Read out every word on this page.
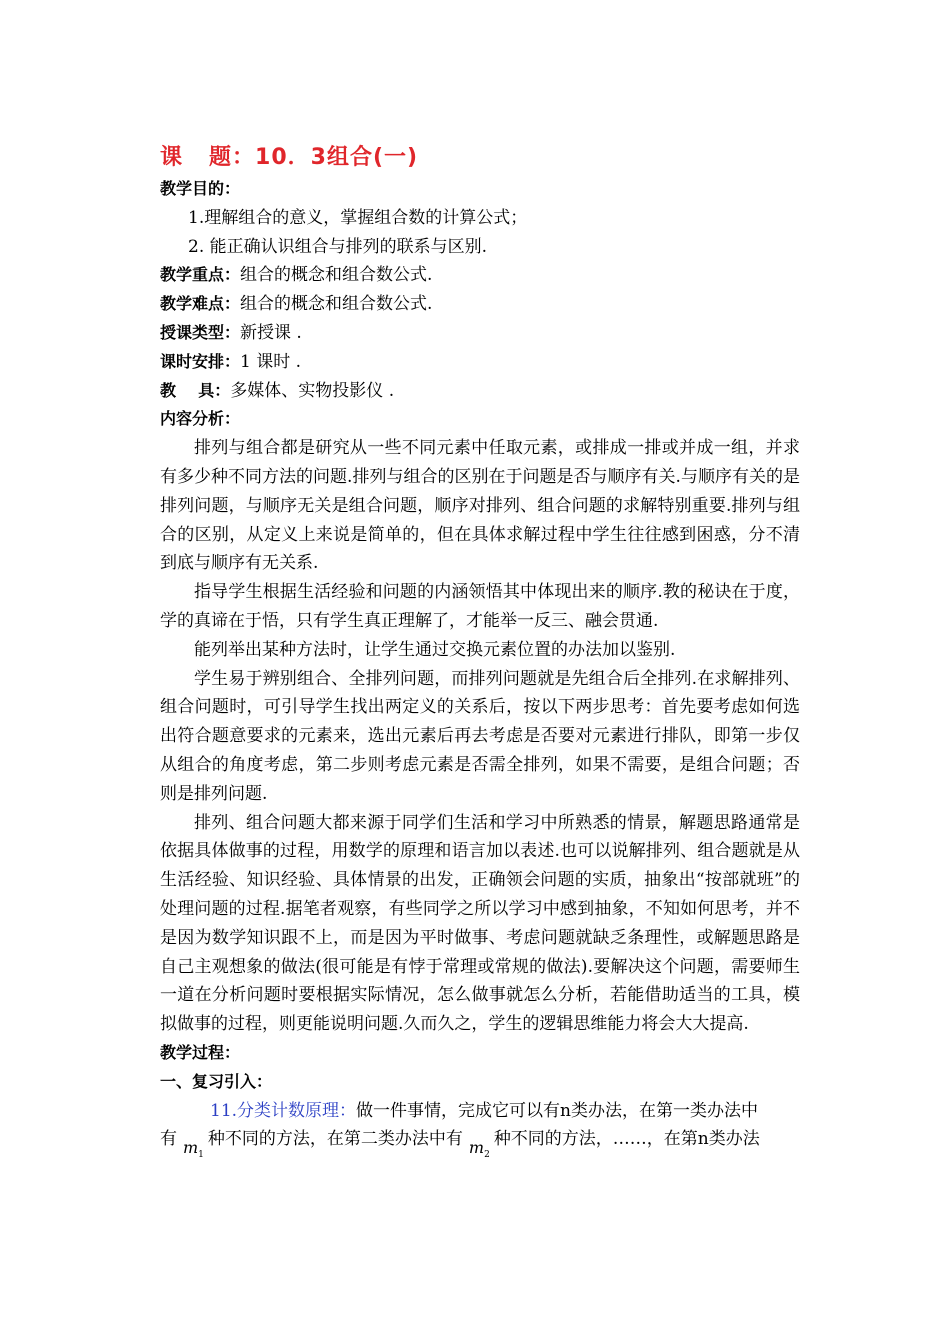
课 题：10．3组合(一)
教学目的：
1.理解组合的意义，掌握组合数的计算公式；
2. 能正确认识组合与排列的联系与区别.
教学重点：组合的概念和组合数公式.
教学难点：组合的概念和组合数公式.
授课类型：新授课 .
课时安排：1 课时 .
教    具：多媒体、实物投影仪 .
内容分析：
排列与组合都是研究从一些不同元素中任取元素，或排成一排或并成一组，并求有多少种不同方法的问题.排列与组合的区别在于问题是否与顺序有关.与顺序有关的是排列问题，与顺序无关是组合问题，顺序对排列、组合问题的求解特别重要.排列与组合的区别，从定义上来说是简单的，但在具体求解过程中学生往往感到困惑，分不清到底与顺序有无关系.
指导学生根据生活经验和问题的内涵领悟其中体现出来的顺序.教的秘诀在于度，学的真谛在于悟，只有学生真正理解了，才能举一反三、融会贯通.
能列举出某种方法时，让学生通过交换元素位置的办法加以鉴别.
学生易于辨别组合、全排列问题，而排列问题就是先组合后全排列.在求解排列、组合问题时，可引导学生找出两定义的关系后，按以下两步思考：首先要考虑如何选出符合题意要求的元素来，选出元素后再去考虑是否要对元素进行排队，即第一步仅从组合的角度考虑，第二步则考虑元素是否需全排列，如果不需要，是组合问题；否则是排列问题.
排列、组合问题大都来源于同学们生活和学习中所熟悉的情景，解题思路通常是依据具体做事的过程，用数学的原理和语言加以表述.也可以说解排列、组合题就是从生活经验、知识经验、具体情景的出发，正确领会问题的实质，抽象出“按部就班”的处理问题的过程.据笔者观察，有些同学之所以学习中感到抽象，不知如何思考，并不是因为数学知识跟不上，而是因为平时做事、考虑问题就缺乏条理性，或解题思路是自己主观想象的做法(很可能是有悖于常理或常规的做法).要解决这个问题，需要师生一道在分析问题时要根据实际情况，怎么做事就怎么分析，若能借助适当的工具，模拟做事的过程，则更能说明问题.久而久之，学生的逻辑思维能力将会大大提高.
教学过程：
一、复习引入：
11.分类计数原理：做一件事情，完成它可以有n类办法，在第一类办法中
有 $m_1$种不同的方法，在第二类办法中有 $m_2$种不同的方法，……，在第n类办法
